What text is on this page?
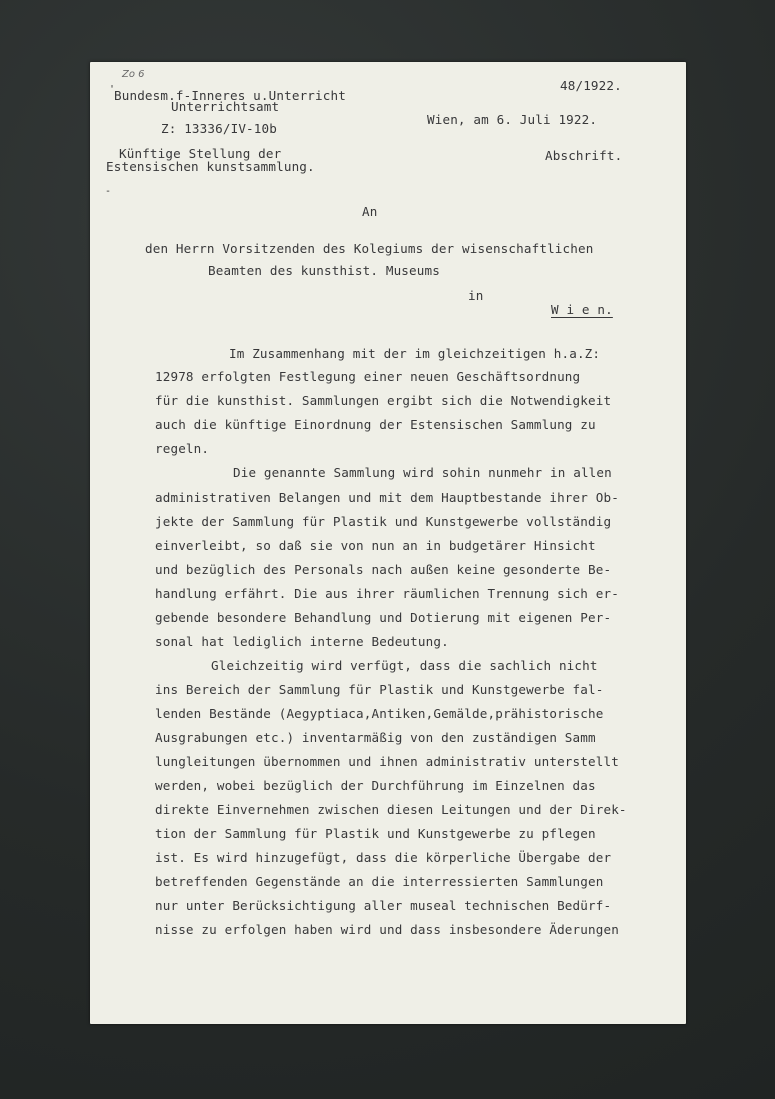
Zo 6
'
-
48/1922.
Bundesm.f-Inneres u.Unterricht
Unterrichtsamt
Wien, am 6. Juli 1922.
Z: 13336/IV-10b
Abschrift.
Künftige Stellung der
Estensischen kunstsammlung.
An
den Herrn Vorsitzenden des Kolegiums der wisenschaftlichen
Beamten des kunsthist. Museums
in
W i e n.
Im Zusammenhang mit der im gleichzeitigen h.a.Z:
12978 erfolgten Festlegung einer neuen Geschäftsordnung
für die kunsthist. Sammlungen ergibt sich die Notwendigkeit
auch die künftige Einordnung der Estensischen Sammlung zu
regeln.
Die genannte Sammlung wird sohin nunmehr in allen
administrativen Belangen und mit dem Hauptbestande ihrer Ob-
jekte der Sammlung für Plastik und Kunstgewerbe vollständig
einverleibt, so daß sie von nun an in budgetärer Hinsicht
und bezüglich des Personals nach außen keine gesonderte Be-
handlung erfährt. Die aus ihrer räumlichen Trennung sich er-
gebende besondere Behandlung und Dotierung mit eigenen Per-
sonal hat lediglich interne Bedeutung.
Gleichzeitig wird verfügt, dass die sachlich nicht
ins Bereich der Sammlung für Plastik und Kunstgewerbe fal-
lenden Bestände (Aegyptiaca,Antiken,Gemälde,prähistorische
Ausgrabungen etc.) inventarmäßig von den zuständigen Samm
lungleitungen übernommen und ihnen administrativ unterstellt
werden, wobei bezüglich der Durchführung im Einzelnen das
direkte Einvernehmen zwischen diesen Leitungen und der Direk-
tion der Sammlung für Plastik und Kunstgewerbe zu pflegen
ist. Es wird hinzugefügt, dass die körperliche Übergabe der
betreffenden Gegenstände an die interressierten Sammlungen
nur unter Berücksichtigung aller museal technischen Bedürf-
nisse zu erfolgen haben wird und dass insbesondere Äderungen
